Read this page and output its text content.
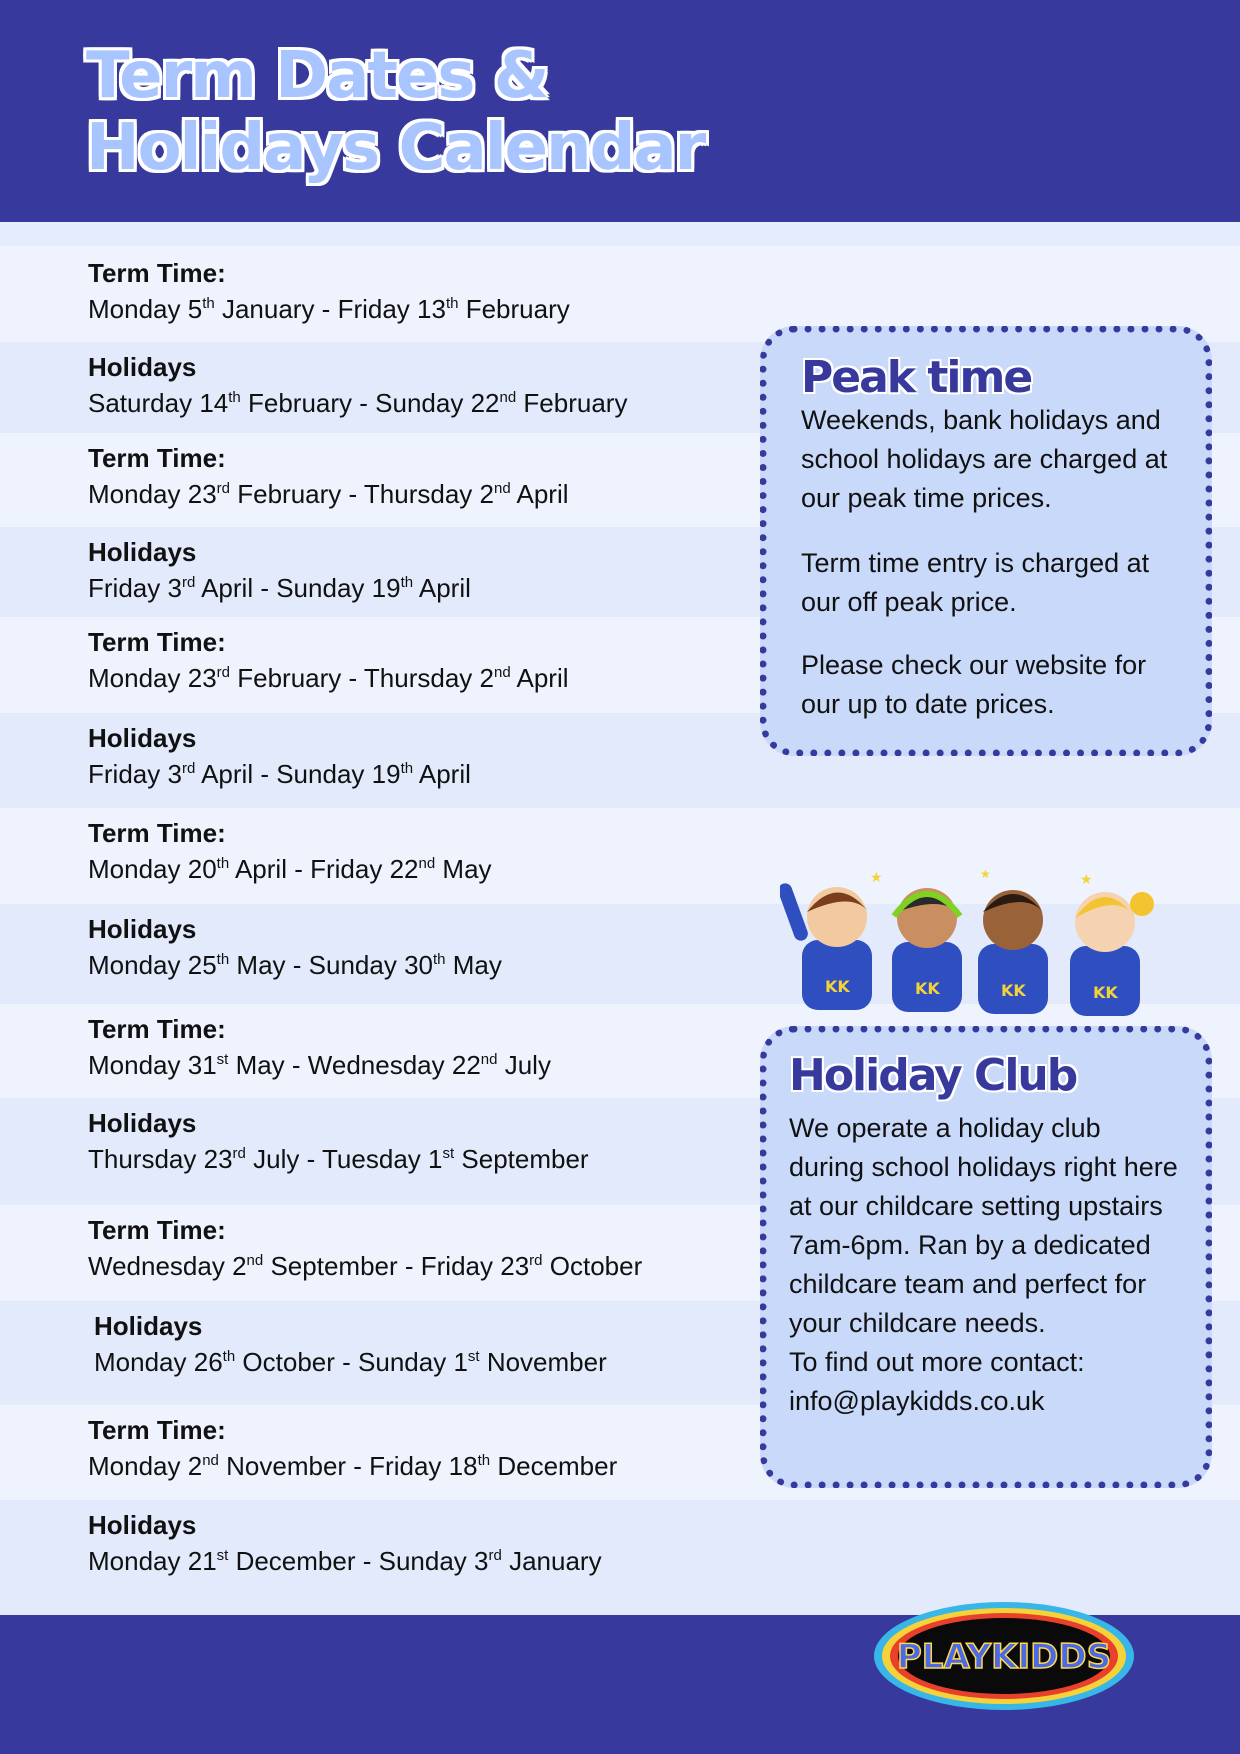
Term Dates &
Holidays Calendar
Term Time:
Monday 5th January - Friday 13th February
Holidays
Saturday 14th February - Sunday 22nd February
Term Time:
Monday 23rd February - Thursday 2nd April
Holidays
Friday 3rd April - Sunday 19th April
Term Time:
Monday 23rd February - Thursday 2nd April
Holidays
Friday 3rd April - Sunday 19th April
Term Time:
Monday 20th April - Friday 22nd May
Holidays
Monday 25th May - Sunday 30th May
Term Time:
Monday 31st May - Wednesday 22nd July
Holidays
Thursday 23rd July - Tuesday 1st September
Term Time:
Wednesday 2nd September - Friday 23rd October
Holidays
Monday 26th October - Sunday 1st November
Term Time:
Monday 2nd November - Friday 18th December
Holidays
Monday 21st December - Sunday 3rd January
Peak time

Weekends, bank holidays and school holidays are charged at our peak time prices.

Term time entry is charged at our off peak price.

Please check our website for our up to date prices.

KK	KK	KK	KK
★	★
★
Holiday Club

We operate a holiday club during school holidays right here at our childcare setting upstairs 7am-6pm. Ran by a dedicated childcare team and perfect for your childcare needs.

To find out more contact:

info@playkidds.co.uk

PLAYKIDDS
